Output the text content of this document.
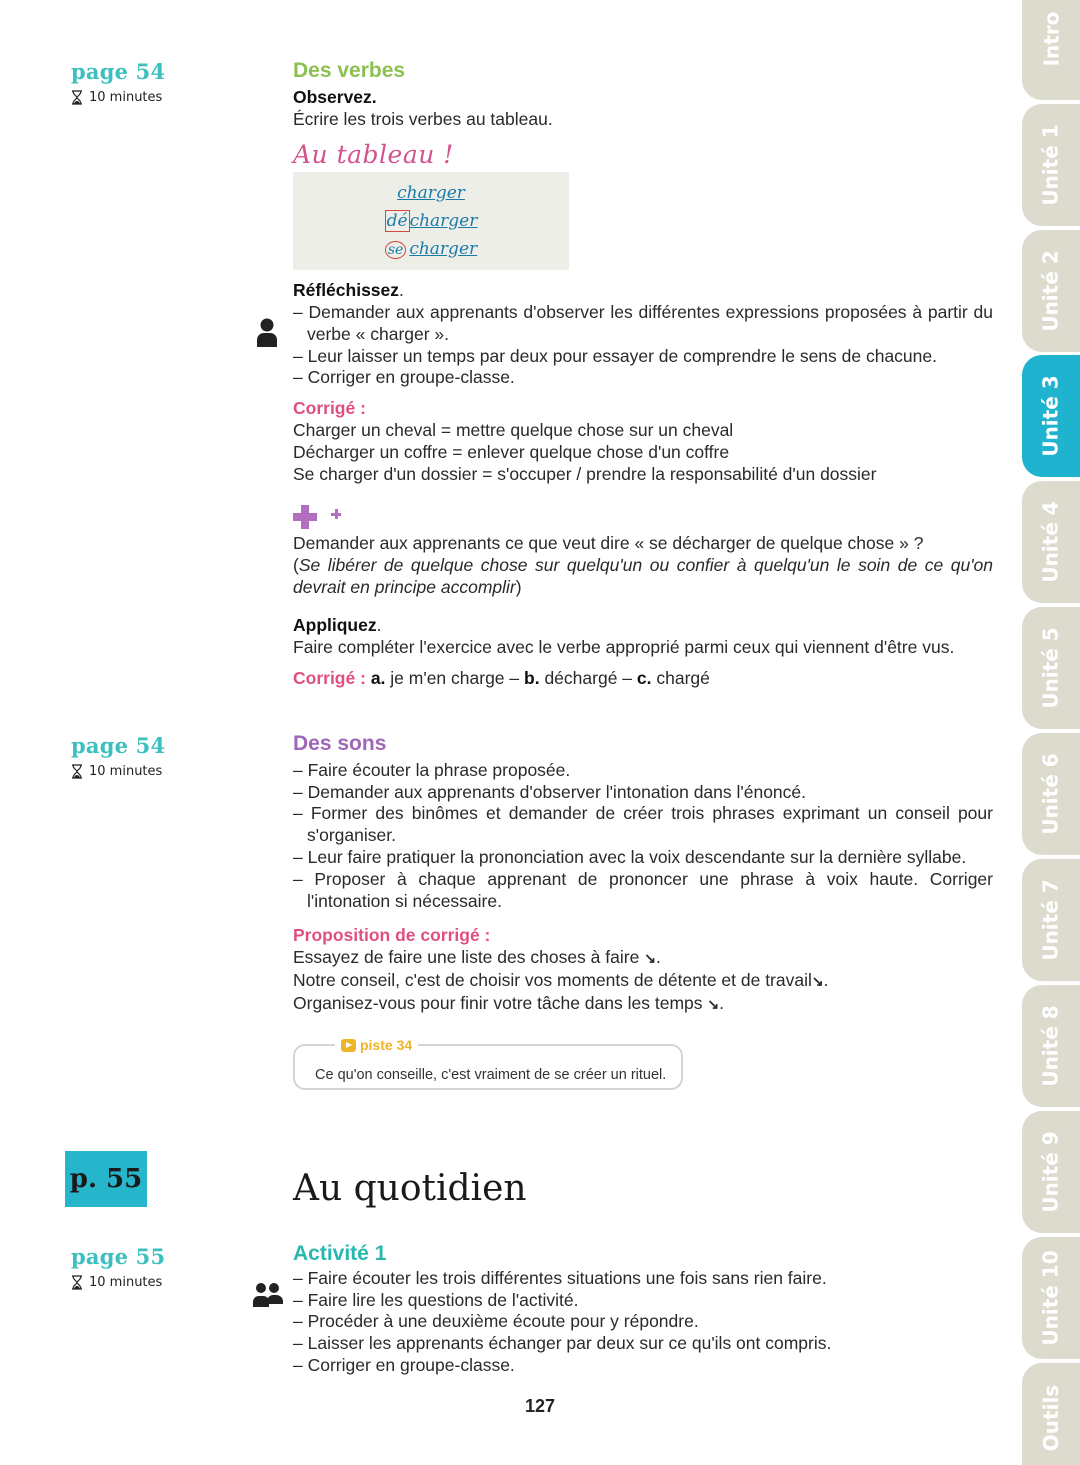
page 54
10 minutes
Des verbes
Observez.
Écrire les trois verbes au tableau.
Au tableau !
charger
dé charger
se charger
Réfléchissez.
– Demander aux apprenants d'observer les différentes expressions proposées à partir du verbe « charger ».
– Leur laisser un temps par deux pour essayer de comprendre le sens de chacune.
– Corriger en groupe-classe.
Corrigé :
Charger un cheval = mettre quelque chose sur un cheval
Décharger un coffre = enlever quelque chose d'un coffre
Se charger d'un dossier = s'occuper / prendre la responsabilité d'un dossier
Demander aux apprenants ce que veut dire « se décharger de quelque chose » ?
(Se libérer de quelque chose sur quelqu'un ou confier à quelqu'un le soin de ce qu'on devrait en principe accomplir)
Appliquez.
Faire compléter l'exercice avec le verbe approprié parmi ceux qui viennent d'être vus.
Corrigé : a. je m'en charge – b. déchargé – c. chargé
page 54
10 minutes
Des sons
– Faire écouter la phrase proposée.
– Demander aux apprenants d'observer l'intonation dans l'énoncé.
– Former des binômes et demander de créer trois phrases exprimant un conseil pour s'organiser.
– Leur faire pratiquer la prononciation avec la voix descendante sur la dernière syllabe.
– Proposer à chaque apprenant de prononcer une phrase à voix haute. Corriger l'intonation si nécessaire.
Proposition de corrigé :
Essayez de faire une liste des choses à faire ↘.
Notre conseil, c'est de choisir vos moments de détente et de travail↘.
Organisez-vous pour finir votre tâche dans les temps ↘.
piste 34
Ce qu'on conseille, c'est vraiment de se créer un rituel.
p. 55	Au quotidien
page 55
10 minutes
Activité 1
– Faire écouter les trois différentes situations une fois sans rien faire.
– Faire lire les questions de l'activité.
– Procéder à une deuxième écoute pour y répondre.
– Laisser les apprenants échanger par deux sur ce qu'ils ont compris.
– Corriger en groupe-classe.
127
Intro
Unité 1
Unité 2
Unité 3
Unité 4
Unité 5
Unité 6
Unité 7
Unité 8
Unité 9
Unité 10
Outils
